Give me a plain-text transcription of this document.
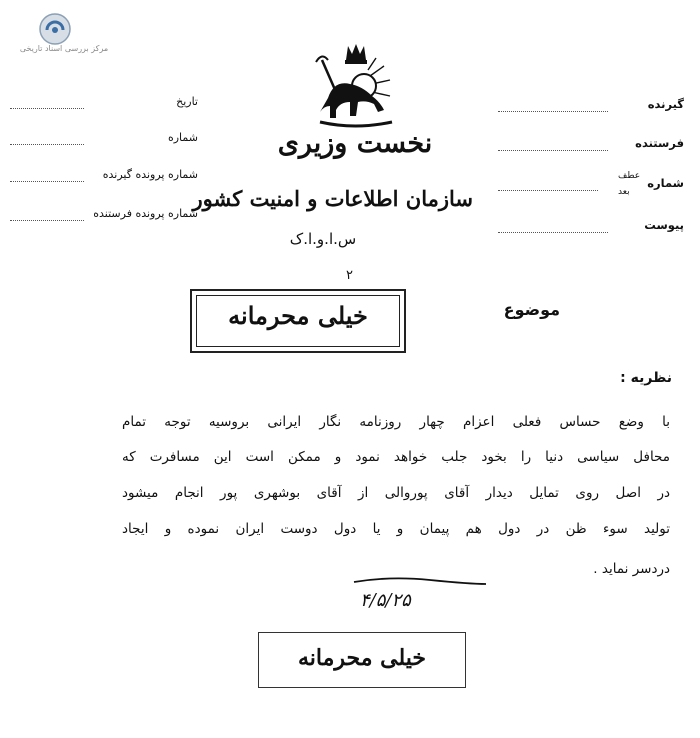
مرکز بررسی اسناد تاریخی
تاریخ
شماره
شماره پرونده گیرنده
شماره پرونده فرستنده
گیرنده
فرستنده
شماره
عطف
بعد
پیوست
نخست وزیری
سازمان اطلاعات و امنیت کشور
س.ا.و.ا.ک
۲
خیلی محرمانه	موضوع
نظریه :
با وضع حساس فعلی اعزام چهار روزنامه نگار ایرانی بروسیه توجه تمام
محافل سیاسی دنیا را بخود جلب خواهد نمود و ممکن است این مسافرت که
در اصل روی تمایل دیدار آقای پوروالی از آقای بوشهری پور انجام میشود
تولید سوء ظن در دول هم پیمان و یا دول دوست ایران نموده و ایجاد
دردسر نماید .
۴/۵/۲۵
خیلی محرمانه
